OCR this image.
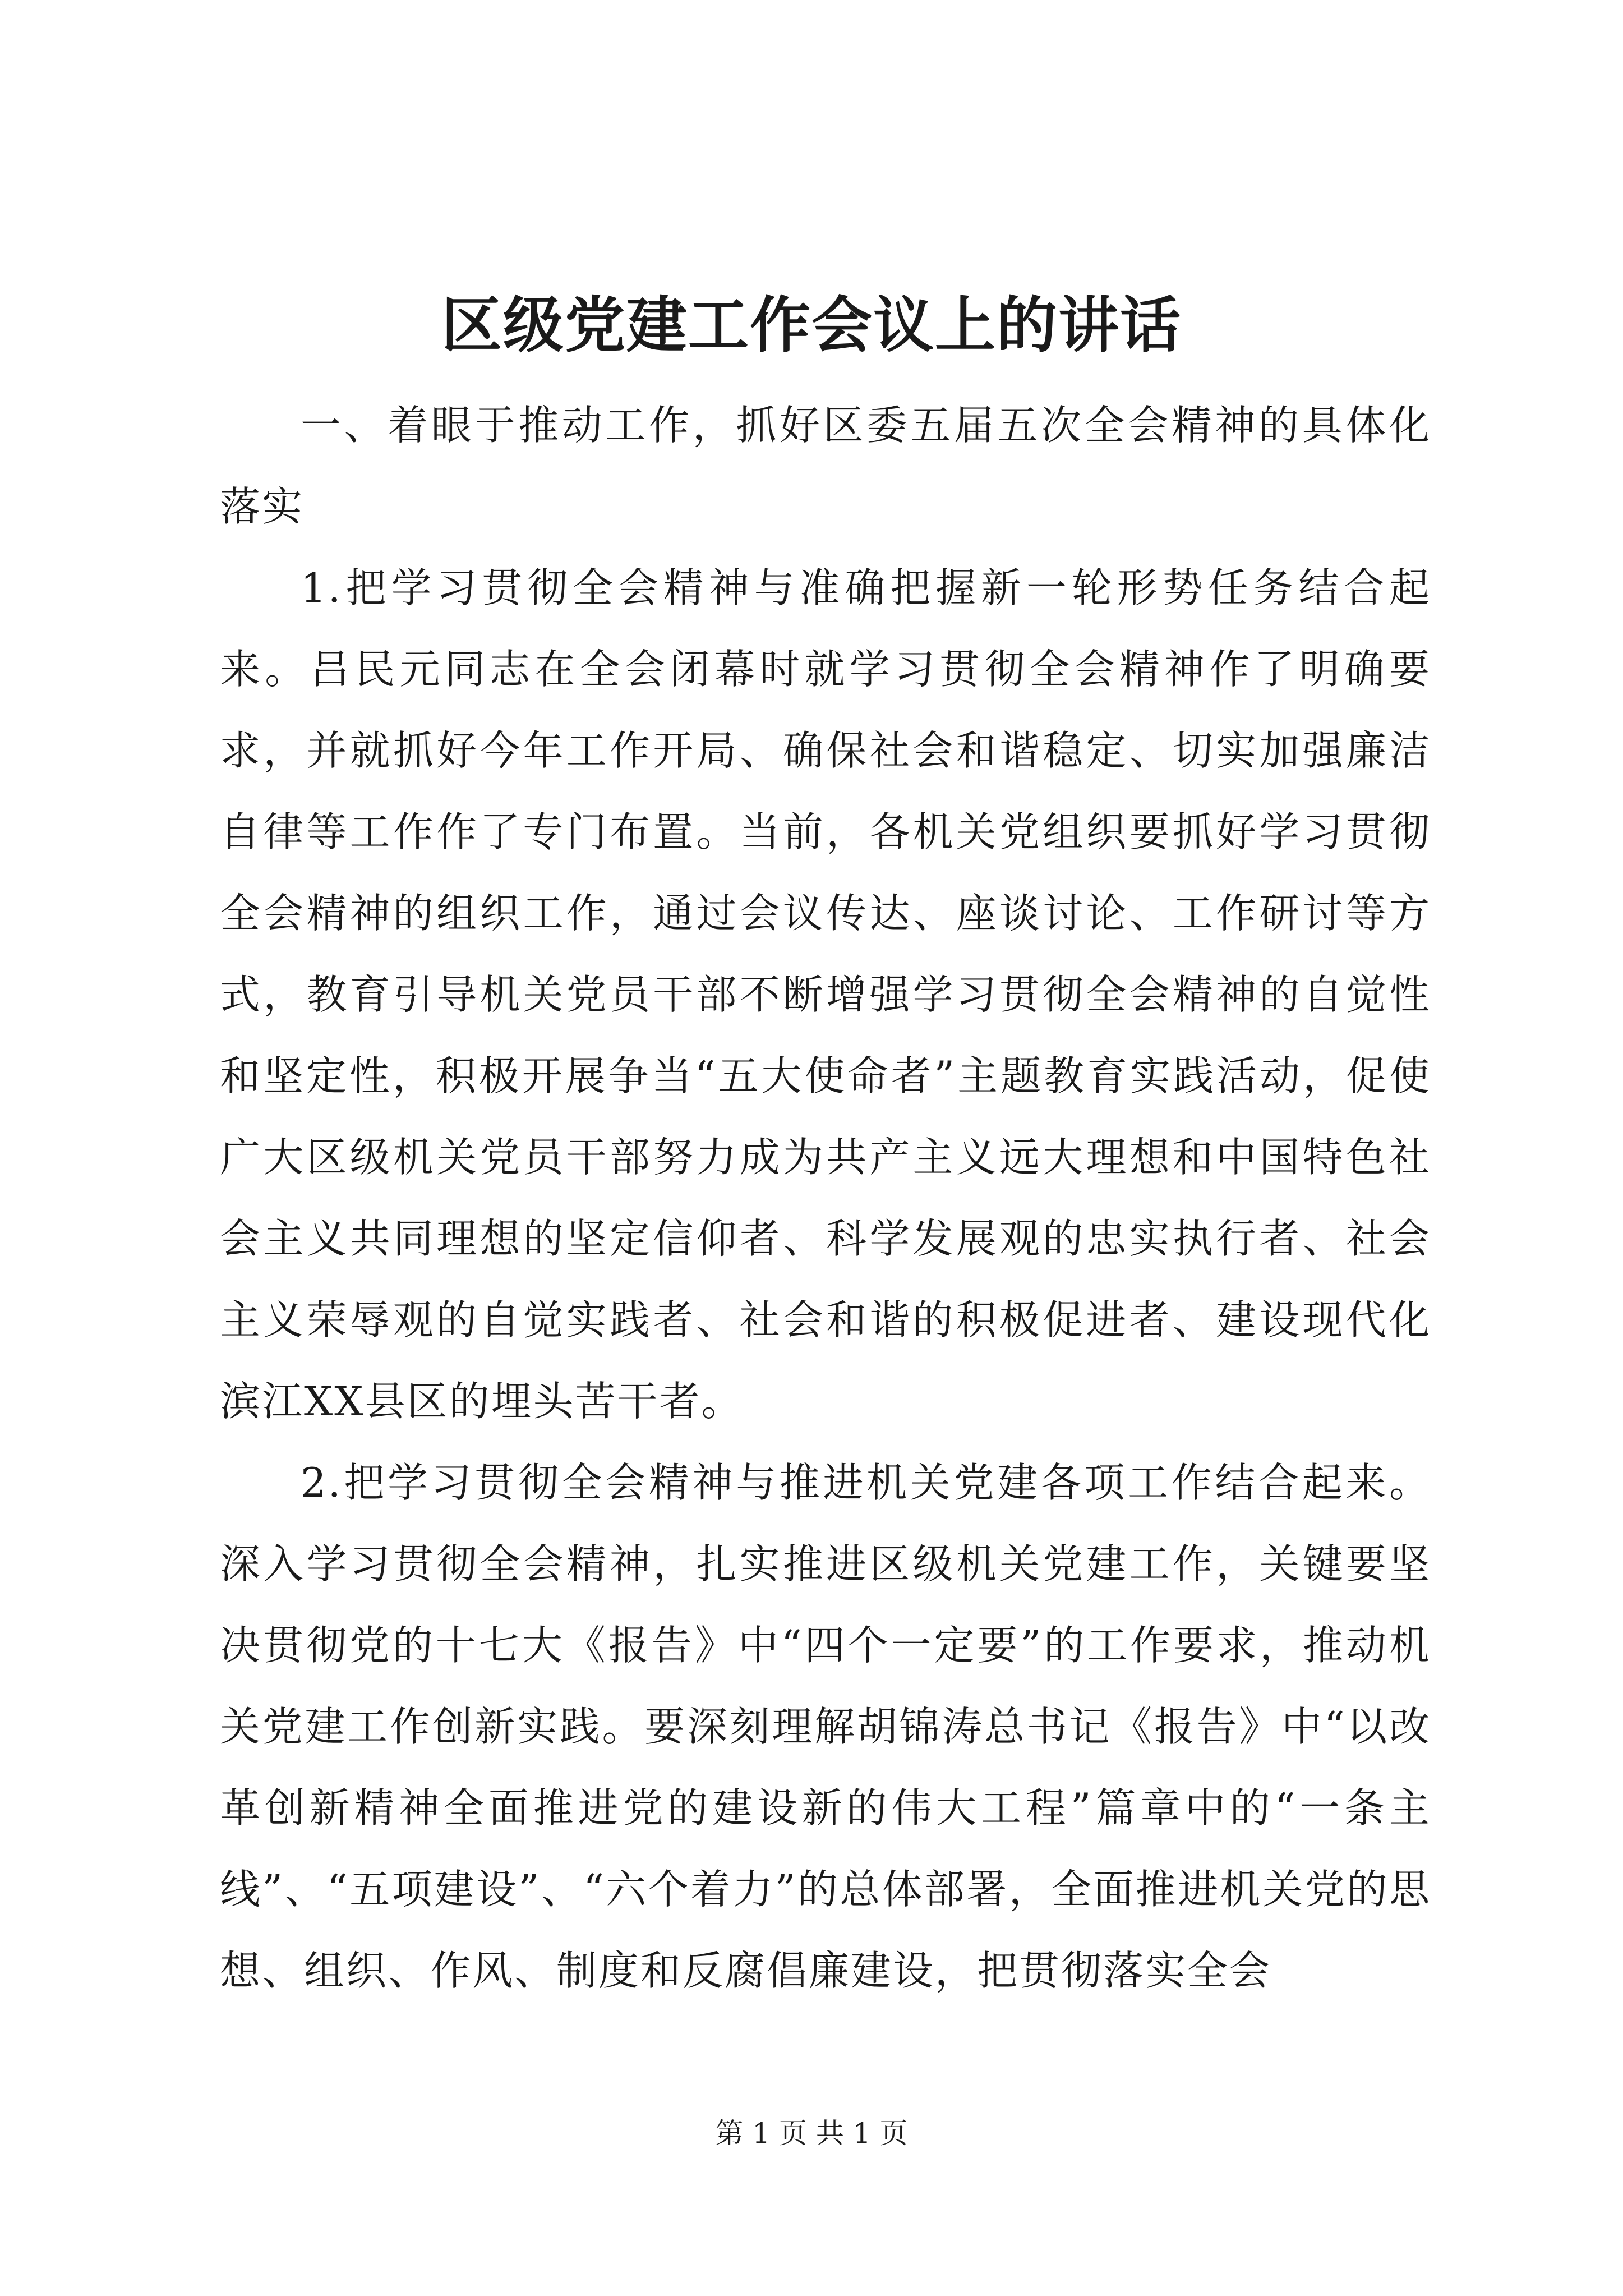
区级党建工作会议上的讲话

一、着眼于推动工作，抓好区委五届五次全会精神的具体化落实

1.把学习贯彻全会精神与准确把握新一轮形势任务结合起来。吕民元同志在全会闭幕时就学习贯彻全会精神作了明确要求，并就抓好今年工作开局、确保社会和谐稳定、切实加强廉洁自律等工作作了专门布置。当前，各机关党组织要抓好学习贯彻全会精神的组织工作，通过会议传达、座谈讨论、工作研讨等方式，教育引导机关党员干部不断增强学习贯彻全会精神的自觉性和坚定性，积极开展争当“五大使命者”主题教育实践活动，促使广大区级机关党员干部努力成为共产主义远大理想和中国特色社会主义共同理想的坚定信仰者、科学发展观的忠实执行者、社会主义荣辱观的自觉实践者、社会和谐的积极促进者、建设现代化滨江XX县区的埋头苦干者。

2.把学习贯彻全会精神与推进机关党建各项工作结合起来。深入学习贯彻全会精神，扎实推进区级机关党建工作，关键要坚决贯彻党的十七大《报告》中“四个一定要”的工作要求，推动机关党建工作创新实践。要深刻理解胡锦涛总书记《报告》中“以改革创新精神全面推进党的建设新的伟大工程”篇章中的“一条主线”、“五项建设”、“六个着力”的总体部署，全面推进机关党的思想、组织、作风、制度和反腐倡廉建设，把贯彻落实全会

第 1 页 共 1 页
